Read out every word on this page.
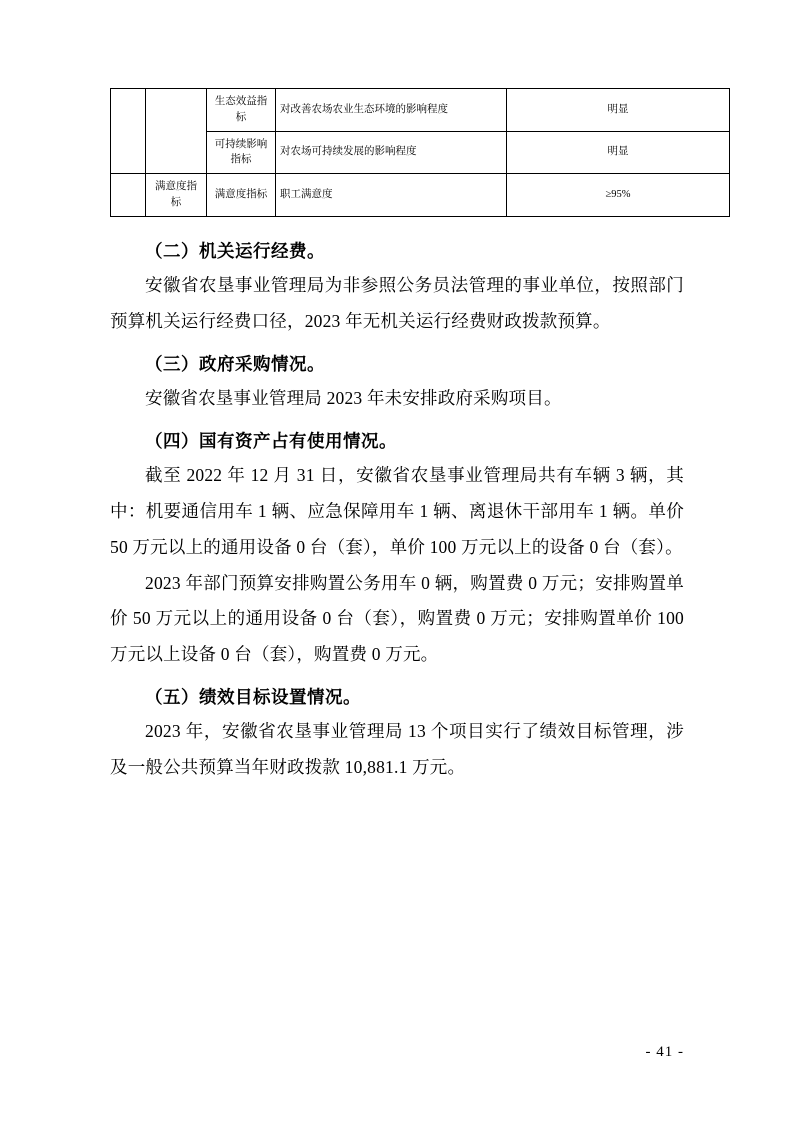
		生态效益指标	对改善农场农业生态环境的影响程度	明显
		可持续影响指标	对农场可持续发展的影响程度	明显
	满意度指标	满意度指标	职工满意度	≥95%
（二）机关运行经费。

安徽省农垦事业管理局为非参照公务员法管理的事业单位，按照部门预算机关运行经费口径，2023 年无机关运行经费财政拨款预算。

（三）政府采购情况。

安徽省农垦事业管理局 2023 年未安排政府采购项目。

（四）国有资产占有使用情况。

截至 2022 年 12 月 31 日，安徽省农垦事业管理局共有车辆 3 辆，其中：机要通信用车 1 辆、应急保障用车 1 辆、离退休干部用车 1 辆。单价 50 万元以上的通用设备 0 台（套），单价 100 万元以上的设备 0 台（套）。

2023 年部门预算安排购置公务用车 0 辆，购置费 0 万元；安排购置单价 50 万元以上的通用设备 0 台（套），购置费 0 万元；安排购置单价 100 万元以上设备 0 台（套），购置费 0 万元。

（五）绩效目标设置情况。

2023 年，安徽省农垦事业管理局 13 个项目实行了绩效目标管理，涉及一般公共预算当年财政拨款 10,881.1 万元。

- 41 -
